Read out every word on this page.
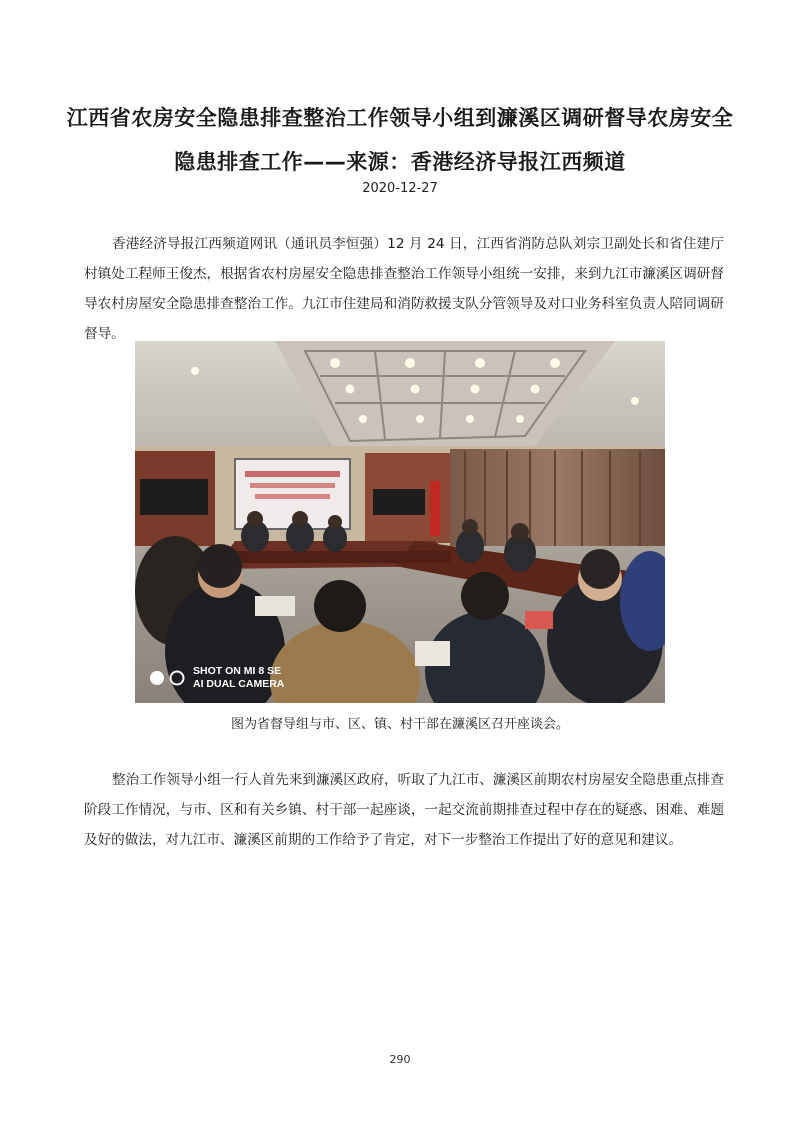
江西省农房安全隐患排查整治工作领导小组到濂溪区调研督导农房安全
隐患排查工作——来源：香港经济导报江西频道
2020-12-27

香港经济导报江西频道网讯（通讯员李恒强）12 月 24 日，江西省消防总队刘宗卫副处长和省住建厅村镇处工程师王俊杰，根据省农村房屋安全隐患排查整治工作领导小组统一安排，来到九江市濂溪区调研督导农村房屋安全隐患排查整治工作。九江市住建局和消防救援支队分管领导及对口业务科室负责人陪同调研督导。

SHOT ON MI 8 SE
AI DUAL CAMERA
图为省督导组与市、区、镇、村干部在濂溪区召开座谈会。

整治工作领导小组一行人首先来到濂溪区政府，听取了九江市、濂溪区前期农村房屋安全隐患重点排查阶段工作情况，与市、区和有关乡镇、村干部一起座谈，一起交流前期排查过程中存在的疑惑、困难、难题及好的做法，对九江市、濂溪区前期的工作给予了肯定，对下一步整治工作提出了好的意见和建议。

290
